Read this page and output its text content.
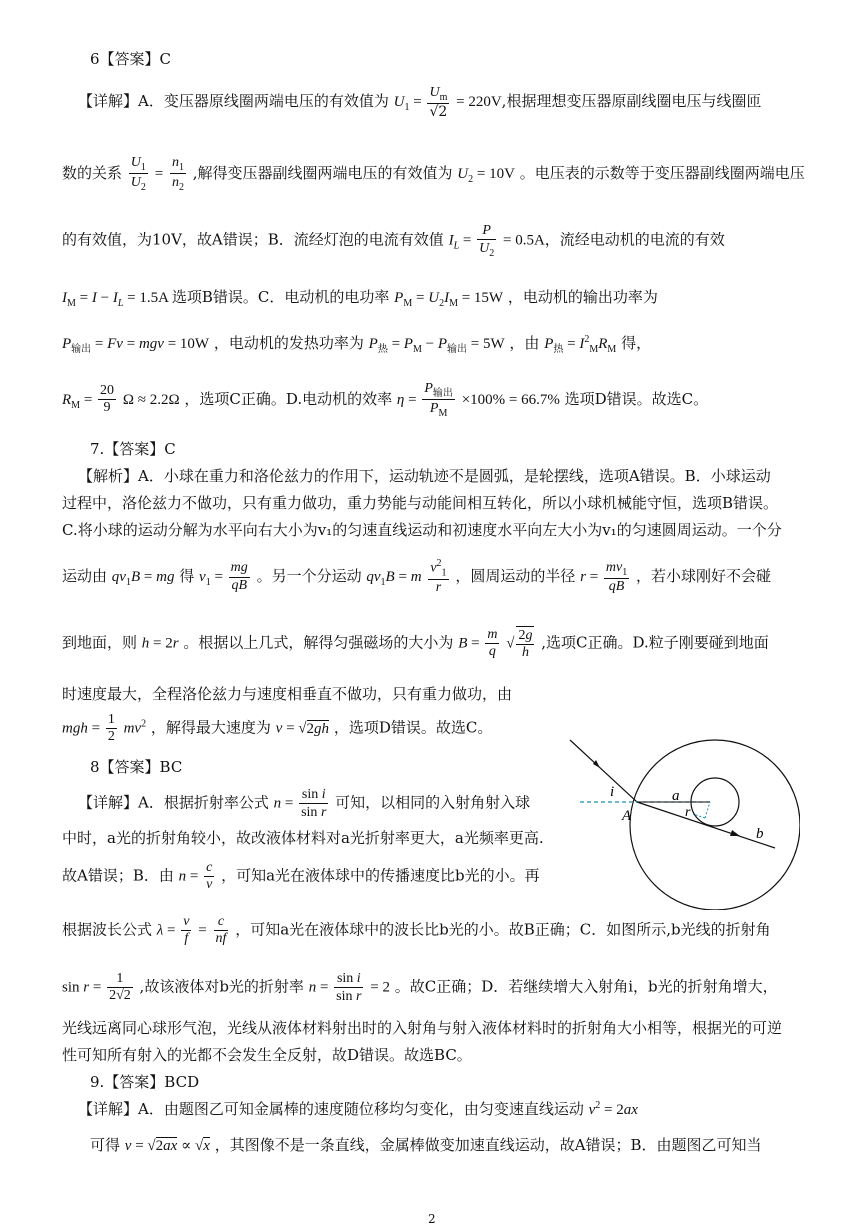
6【答案】C
【详解】A．变压器原线圈两端电压的有效值为 $U_1 = \frac{U_m}{√2} = 220V$,根据理想变压器原副线圈电压与线圈匝
数的关系 $\frac{U_1}{U_2} = \frac{n_1}{n_2}$ ,解得变压器副线圈两端电压的有效值为 $U_2 = 10V$ 。电压表的示数等于变压器副线圈两端电压
的有效值，为10V，故A错误；B．流经灯泡的电流有效值 $I_L = \frac{P}{U_2} = 0.5A$，流经电动机的电流的有效
$I_M = I - I_L = 1.5A$ 选项B错误。C．电动机的电功率 $P_M = U_2I_M = 15W$ ，电动机的输出功率为
$P_{输出} = Fv$ = mgv = 10W ，电动机的发热功率为 $P_热 = P_M - P_{输出} = 5W$ ，由 $P_热 = I^2_MR_M$ 得，
$R_M = \frac{20}{9}$ Ω ≈ 2.2Ω ，选项C正确。D.电动机的效率 $\eta = \frac{P_{输出}}{P_M} \times 100\% = 66.7\%$ 选项D错误。故选C。
7.【答案】C
【解析】A．小球在重力和洛伦兹力的作用下，运动轨迹不是圆弧，是轮摆线，选项A错误。B．小球运动
过程中，洛伦兹力不做功，只有重力做功，重力势能与动能间相互转化，所以小球机械能守恒，选项B错误。
C.将小球的运动分解为水平向右大小为v₁的匀速直线运动和初速度水平向左大小为v₁的匀速圆周运动。一个分
运动由 $qv_1B$ = mg 得 $v_1 = \frac{mg}{qB}$ 。另一个分运动 $qv_1B = m \frac{v^2_1}{r}$ ，圆周运动的半径 $r = \frac{mv_1}{qB}$ ，若小球刚好不会碰
到地面，则 h = 2r 。根据以上几式，解得匀强磁场的大小为 $B = \frac{m}{q}$ √ $\frac{2g}{h}$ ,选项C正确。D.粒子刚要碰到地面
时速度最大，全程洛伦兹力与速度相垂直不做功，只有重力做功，由
mgh = $\frac{1}{2} mv^2$ ，解得最大速度为 v = √2gh ，选项D错误。故选C。
8【答案】BC
【详解】A．根据折射率公式 $n = \frac{\text{sin i}}{\text{sin r}}$ 可知，以相同的入射角射入球
中时，a光的折射角较小，故改液体材料对a光折射率更大，a光频率更高.
故A错误；B．由 $n = \frac{c}{v}$ ，可知a光在液体球中的传播速度比b光的小。再
根据波长公式 $\lambda = \frac{v}{f} = \frac{c}{nf}$ ，可知a光在液体球中的波长比b光的小。故B正确；C．如图所示,b光线的折射角
$\sin r = \frac{1}{2√2}$ ,故该液体对b光的折射率 $n = \frac{\text{sin i}}{\text{sin r}} = 2$ 。故C正确；D．若继续增大入射角i，b光的折射角增大，
光线远离同心球形气泡，光线从液体材料射出时的入射角与射入液体材料时的折射角大小相等，根据光的可逆
性可知所有射入的光都不会发生全反射，故D错误。故选BC。
i
A
a
r
b
9.【答案】BCD
【详解】A．由题图乙可知金属棒的速度随位移均匀变化，由匀变速直线运动 $v^2 = 2ax$
可得 v = √2ax ∝ √x ，其图像不是一条直线，金属棒做变加速直线运动，故A错误；B．由题图乙可知当
2
